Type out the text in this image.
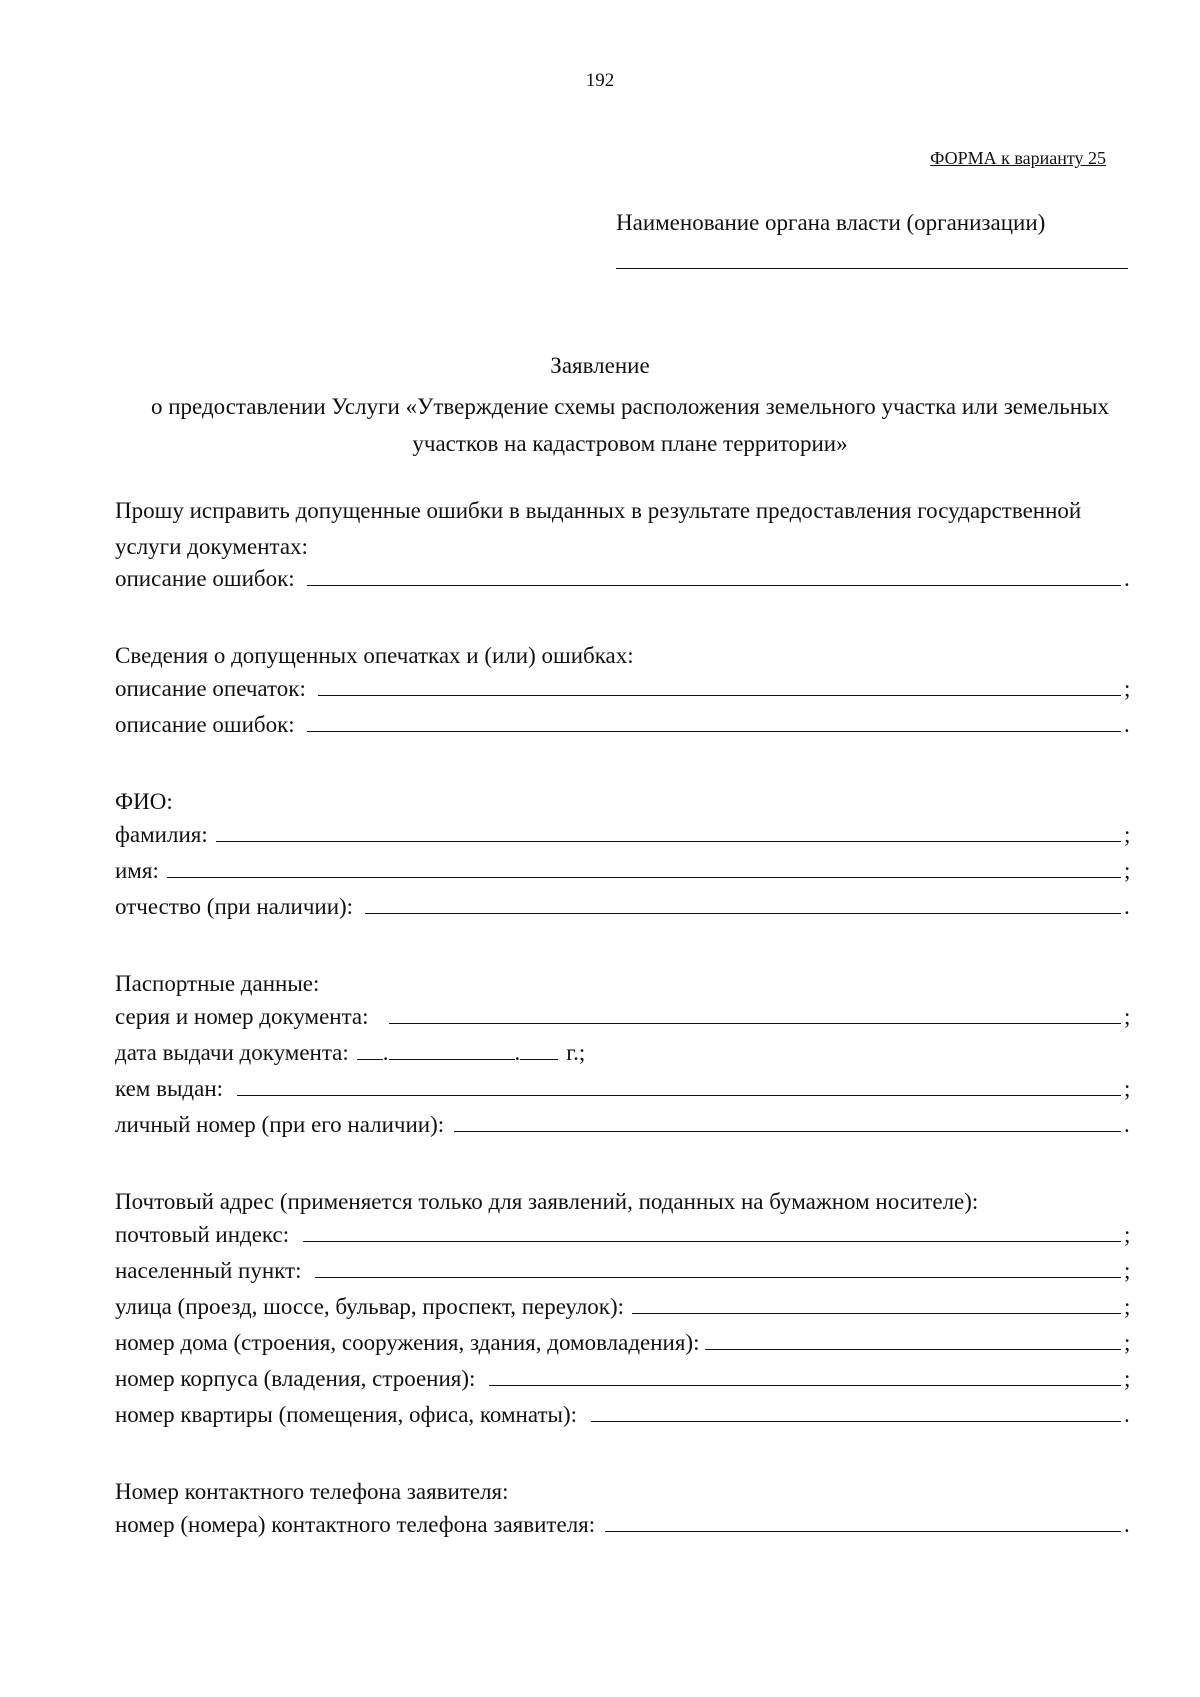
192
ФОРМА к варианту 25
Наименование органа власти (организации)
Заявление
о предоставлении Услуги «Утверждение схемы расположения земельного участка или земельных участков на кадастровом плане территории»
Прошу исправить допущенные ошибки в выданных в результате предоставления государственной
услуги документах:
описание ошибок:	.
Сведения о допущенных опечатках и (или) ошибках:
описание опечаток:	;
описание ошибок:	.
ФИО:
фамилия:	;
имя:	;
отчество (при наличии):	.
Паспортные данные:
серия и номер документа:	;
дата выдачи документа: .	. г.;
кем выдан:	;
личный номер (при его наличии):	.
Почтовый адрес (применяется только для заявлений, поданных на бумажном носителе):
почтовый индекс:	;
населенный пункт:	;
улица (проезд, шоссе, бульвар, проспект, переулок):	;
номер дома (строения, сооружения, здания, домовладения):	;
номер корпуса (владения, строения):	;
номер квартиры (помещения, офиса, комнаты):	.
Номер контактного телефона заявителя:
номер (номера) контактного телефона заявителя:	.
